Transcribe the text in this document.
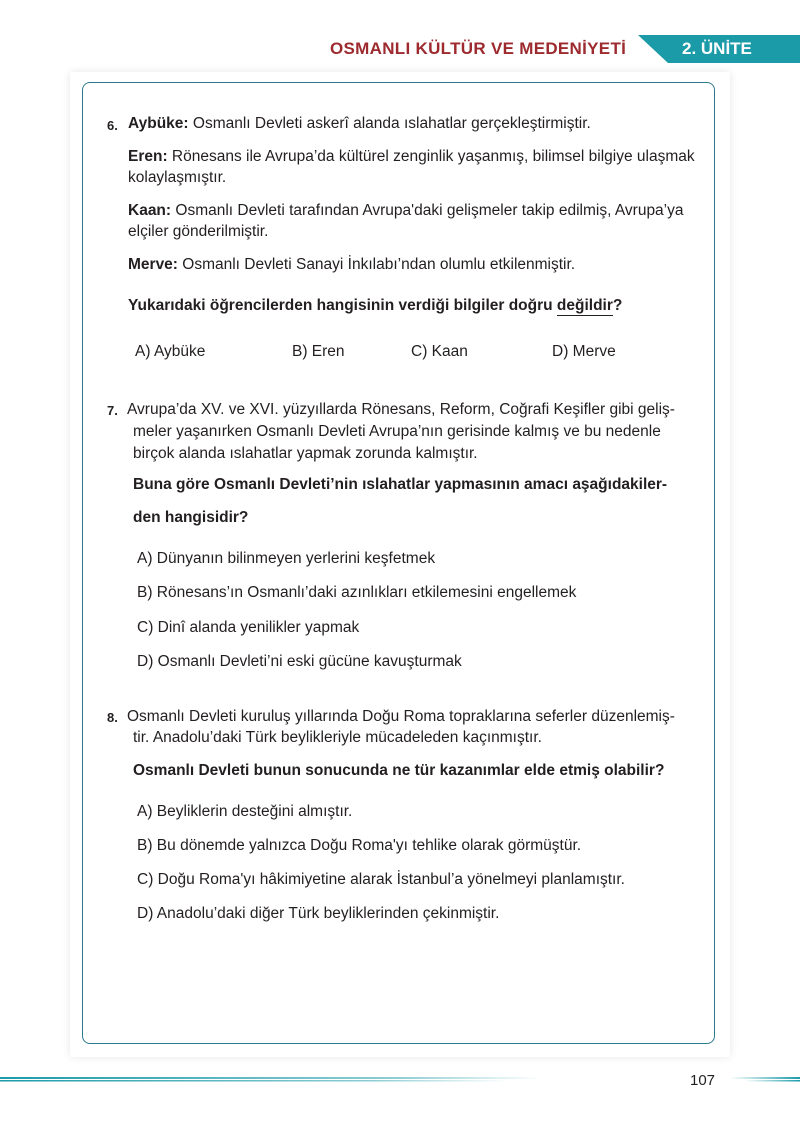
OSMANLI KÜLTÜR VE MEDENİYETİ	2. ÜNİTE
6. Aybüke: Osmanlı Devleti askerî alanda ıslahatlar gerçekleştirmiştir.
Eren: Rönesans ile Avrupa’da kültürel zenginlik yaşanmış, bilimsel bilgiye ulaşmak
kolaylaşmıştır.
Kaan: Osmanlı Devleti tarafından Avrupa'daki gelişmeler takip edilmiş, Avrupa’ya
elçiler gönderilmiştir.
Merve: Osmanlı Devleti Sanayi İnkılabı’ndan olumlu etkilenmiştir.
Yukarıdaki öğrencilerden hangisinin verdiği bilgiler doğru değildir?
A) Aybüke	B) Eren	C) Kaan	D) Merve
7. Avrupa’da XV. ve XVI. yüzyıllarda Rönesans, Reform, Coğrafi Keşifler gibi geliş-
meler yaşanırken Osmanlı Devleti Avrupa’nın gerisinde kalmış ve bu nedenle
birçok alanda ıslahatlar yapmak zorunda kalmıştır.
Buna göre Osmanlı Devleti’nin ıslahatlar yapmasının amacı aşağıdakiler-
den hangisidir?
A) Dünyanın bilinmeyen yerlerini keşfetmek
B) Rönesans’ın Osmanlı’daki azınlıkları etkilemesini engellemek
C) Dinî alanda yenilikler yapmak
D) Osmanlı Devleti’ni eski gücüne kavuşturmak
8. Osmanlı Devleti kuruluş yıllarında Doğu Roma topraklarına seferler düzenlemiş-
tir. Anadolu’daki Türk beylikleriyle mücadeleden kaçınmıştır.
Osmanlı Devleti bunun sonucunda ne tür kazanımlar elde etmiş olabilir?
A) Beyliklerin desteğini almıştır.
B) Bu dönemde yalnızca Doğu Roma'yı tehlike olarak görmüştür.
C) Doğu Roma'yı hâkimiyetine alarak İstanbul’a yönelmeyi planlamıştır.
D) Anadolu’daki diğer Türk beyliklerinden çekinmiştir.
107
